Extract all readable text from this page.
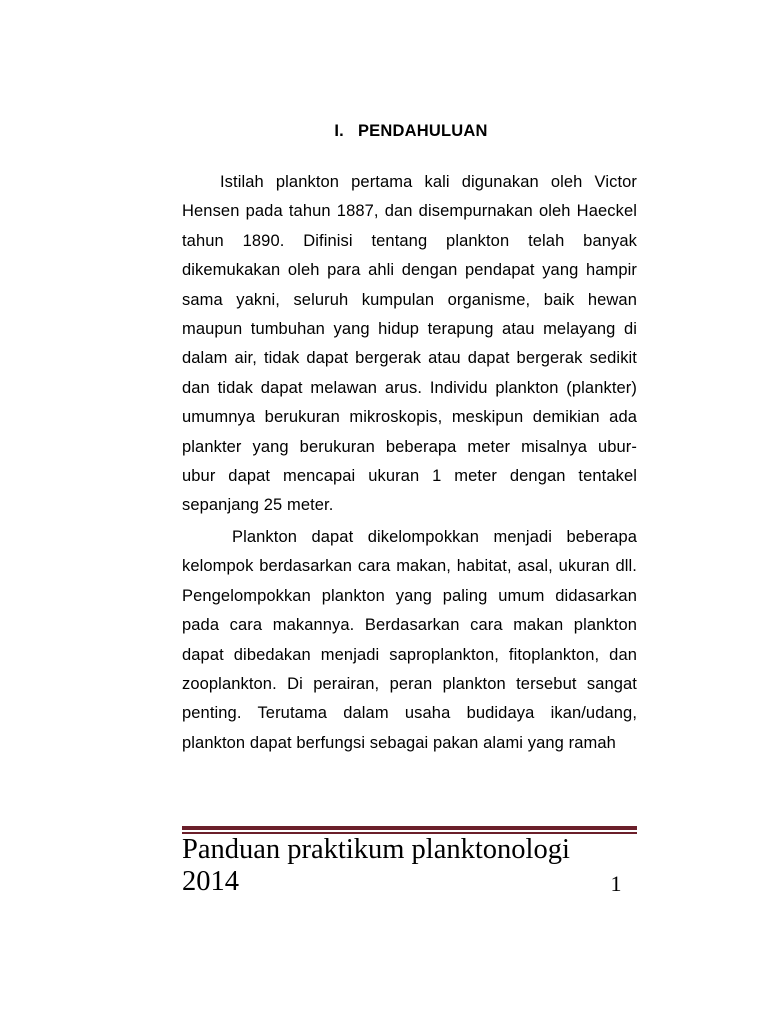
I. PENDAHULUAN

Istilah plankton pertama kali digunakan oleh Victor Hensen pada tahun 1887, dan disempurnakan oleh Haeckel tahun 1890. Difinisi tentang plankton telah banyak dikemukakan oleh para ahli dengan pendapat yang hampir sama yakni, seluruh kumpulan organisme, baik hewan maupun tumbuhan yang hidup terapung atau melayang di dalam air, tidak dapat bergerak atau dapat bergerak sedikit dan tidak dapat melawan arus. Individu plankton (plankter) umumnya berukuran mikroskopis, meskipun demikian ada plankter yang berukuran beberapa meter misalnya ubur- ubur dapat mencapai ukuran 1 meter dengan tentakel sepanjang 25 meter.

Plankton dapat dikelompokkan menjadi beberapa kelompok berdasarkan cara makan, habitat, asal, ukuran dll. Pengelompokkan plankton yang paling umum didasarkan pada cara makannya. Berdasarkan cara makan plankton dapat dibedakan menjadi saproplankton, fitoplankton, dan zooplankton. Di perairan, peran plankton tersebut sangat penting. Terutama dalam usaha budidaya ikan/udang, plankton dapat berfungsi sebagai pakan alami yang ramah

Panduan praktikum planktonologi
2014	1
